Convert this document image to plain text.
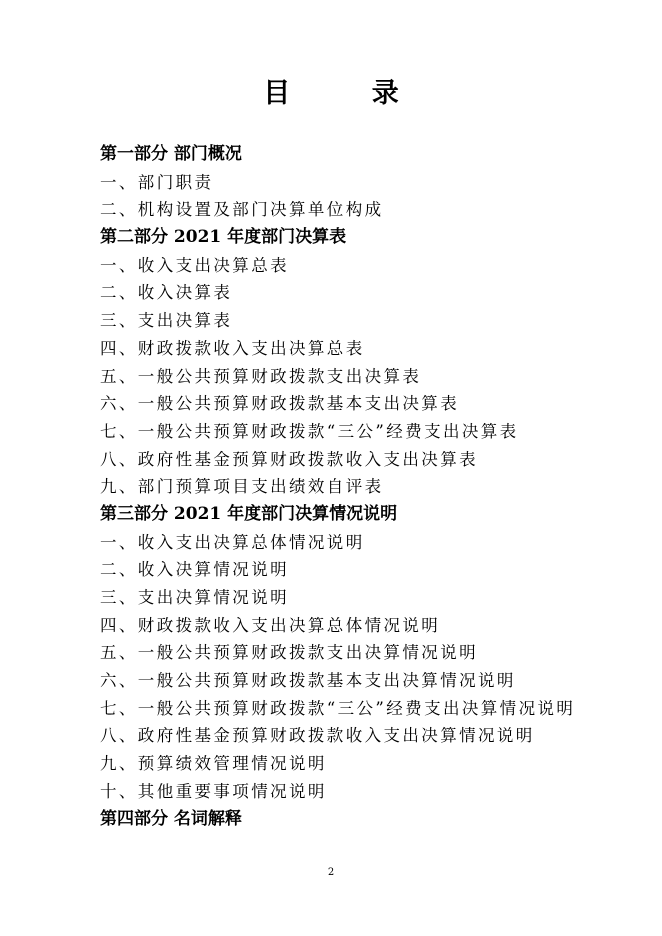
目 录
第一部分 部门概况
一、部门职责
二、机构设置及部门决算单位构成
第二部分 2021 年度部门决算表
一、收入支出决算总表
二、收入决算表
三、支出决算表
四、财政拨款收入支出决算总表
五、一般公共预算财政拨款支出决算表
六、一般公共预算财政拨款基本支出决算表
七、一般公共预算财政拨款“三公”经费支出决算表
八、政府性基金预算财政拨款收入支出决算表
九、部门预算项目支出绩效自评表
第三部分 2021 年度部门决算情况说明
一、收入支出决算总体情况说明
二、收入决算情况说明
三、支出决算情况说明
四、财政拨款收入支出决算总体情况说明
五、一般公共预算财政拨款支出决算情况说明
六、一般公共预算财政拨款基本支出决算情况说明
七、一般公共预算财政拨款“三公”经费支出决算情况说明
八、政府性基金预算财政拨款收入支出决算情况说明
九、预算绩效管理情况说明
十、其他重要事项情况说明
第四部分 名词解释
2
